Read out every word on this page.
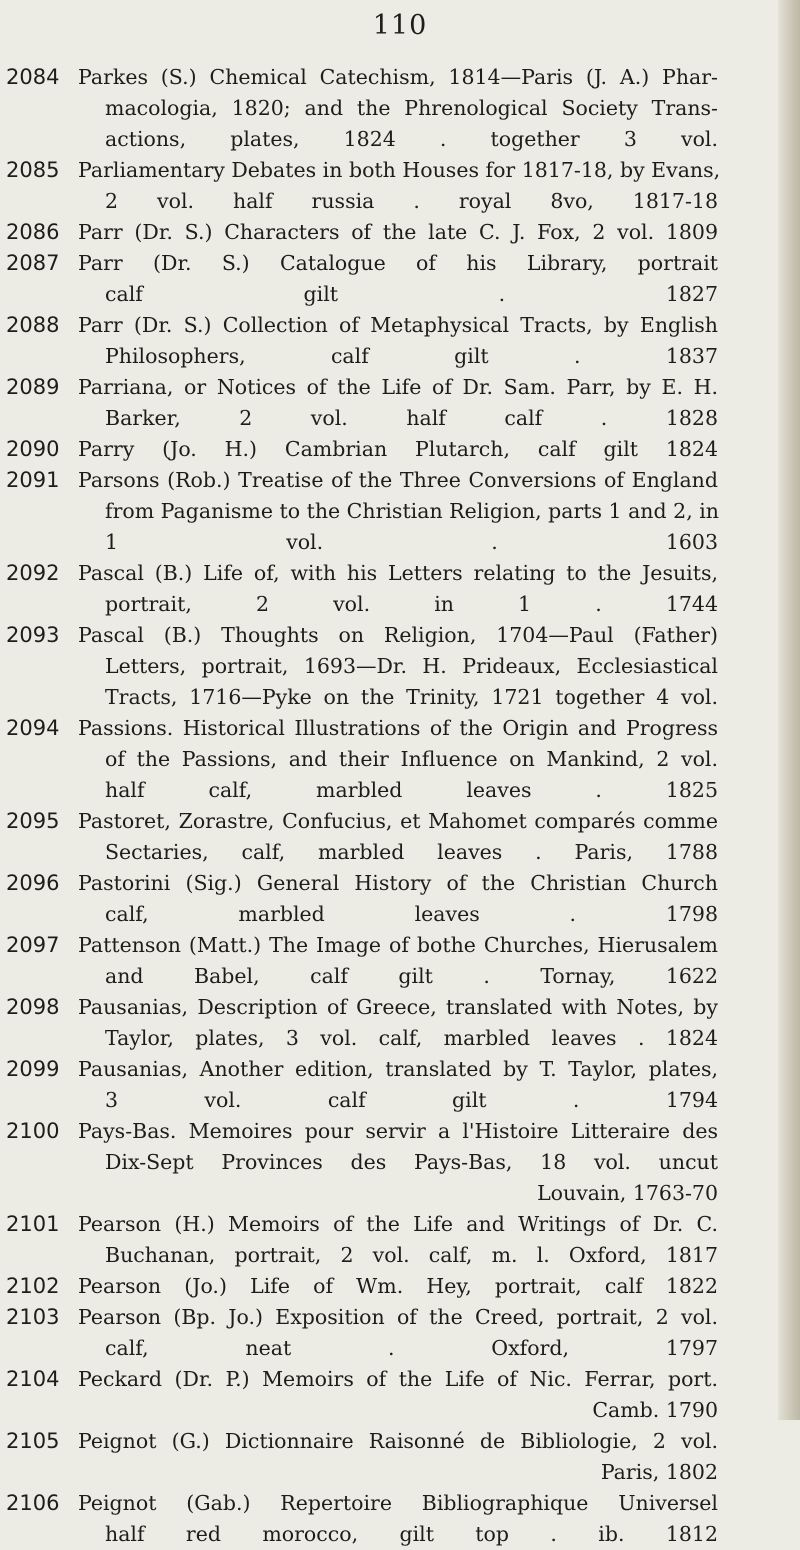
110
2084 Parkes (S.) Chemical Catechism, 1814—Paris (J. A.) Phar-
macologia, 1820; and the Phrenological Society Trans-
actions, plates, 1824 . together 3 vol.
2085 Parliamentary Debates in both Houses for 1817-18, by Evans,
2 vol. half russia . royal 8vo, 1817-18
2086 Parr (Dr. S.) Characters of the late C. J. Fox, 2 vol. 1809
2087 Parr (Dr. S.) Catalogue of his Library, portrait
calf gilt . 1827
2088 Parr (Dr. S.) Collection of Metaphysical Tracts, by English
Philosophers, calf gilt . 1837
2089 Parriana, or Notices of the Life of Dr. Sam. Parr, by E. H.
Barker, 2 vol. half calf . 1828
2090 Parry (Jo. H.) Cambrian Plutarch, calf gilt 1824
2091 Parsons (Rob.) Treatise of the Three Conversions of England
from Paganisme to the Christian Religion, parts 1 and 2, in
1 vol. . 1603
2092 Pascal (B.) Life of, with his Letters relating to the Jesuits,
portrait, 2 vol. in 1 . 1744
2093 Pascal (B.) Thoughts on Religion, 1704—Paul (Father)
Letters, portrait, 1693—Dr. H. Prideaux, Ecclesiastical
Tracts, 1716—Pyke on the Trinity, 1721 together 4 vol.
2094 Passions. Historical Illustrations of the Origin and Progress
of the Passions, and their Influence on Mankind, 2 vol.
half calf, marbled leaves . 1825
2095 Pastoret, Zorastre, Confucius, et Mahomet comparés comme
Sectaries, calf, marbled leaves . Paris, 1788
2096 Pastorini (Sig.) General History of the Christian Church
calf, marbled leaves . 1798
2097 Pattenson (Matt.) The Image of bothe Churches, Hierusalem
and Babel, calf gilt . Tornay, 1622
2098 Pausanias, Description of Greece, translated with Notes, by
Taylor, plates, 3 vol. calf, marbled leaves . 1824
2099 Pausanias, Another edition, translated by T. Taylor, plates,
3 vol. calf gilt . 1794
2100 Pays-Bas. Memoires pour servir a l'Histoire Litteraire des
Dix-Sept Provinces des Pays-Bas, 18 vol. uncut
Louvain, 1763-70
2101 Pearson (H.) Memoirs of the Life and Writings of Dr. C.
Buchanan, portrait, 2 vol. calf, m. l. Oxford, 1817
2102 Pearson (Jo.) Life of Wm. Hey, portrait, calf 1822
2103 Pearson (Bp. Jo.) Exposition of the Creed, portrait, 2 vol.
calf, neat . Oxford, 1797
2104 Peckard (Dr. P.) Memoirs of the Life of Nic. Ferrar, port.
Camb. 1790
2105 Peignot (G.) Dictionnaire Raisonné de Bibliologie, 2 vol.
Paris, 1802
2106 Peignot (Gab.) Repertoire Bibliographique Universel
half red morocco, gilt top . ib. 1812
